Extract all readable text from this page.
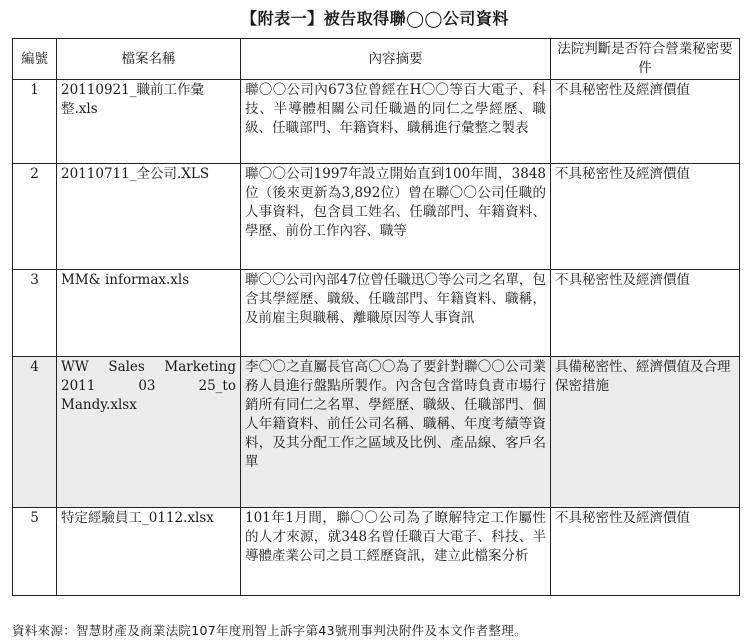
【附表一】被告取得聯◯◯公司資料
編號	檔案名稱	內容摘要	法院判斷是否符合營業秘密要件
1	20110921_職前工作彙整.xls	聯〇〇公司內673位曾經在H〇〇等百大電子、科技、半導體相關公司任職過的同仁之學經歷、職級、任職部門、年籍資料、職稱進行彙整之製表	不具秘密性及經濟價值
2	20110711_全公司.XLS	聯〇〇公司1997年設立開始直到100年間，3848位（後來更新為3,892位）曾在聯〇〇公司任職的人事資料，包含員工姓名、任職部門、年籍資料、學歷、前份工作內容、職等	不具秘密性及經濟價值
3	MM& informax.xls	聯〇〇公司內部47位曾任職迅〇等公司之名單，包含其學經歷、職級、任職部門、年籍資料、職稱，及前雇主與職稱、離職原因等人事資訊	不具秘密性及經濟價值
4	WW Sales Marketing 2011 03 25_to Mandy.xlsx	李〇〇之直屬長官高〇〇為了要針對聯〇〇公司業務人員進行盤點所製作。內含包含當時負責市場行銷所有同仁之名單、學經歷、職級、任職部門、個人年籍資料、前任公司名稱、職稱、年度考績等資料，及其分配工作之區域及比例、產品線、客戶名單	具備秘密性、經濟價值及合理保密措施
5	特定經驗員工_0112.xlsx	101年1月間，聯〇〇公司為了瞭解特定工作屬性的人才來源，就348名曾任職百大電子、科技、半導體產業公司之員工經歷資訊，建立此檔案分析	不具秘密性及經濟價值
資料來源：智慧財產及商業法院107年度刑智上訴字第43號刑事判決附件及本文作者整理。
